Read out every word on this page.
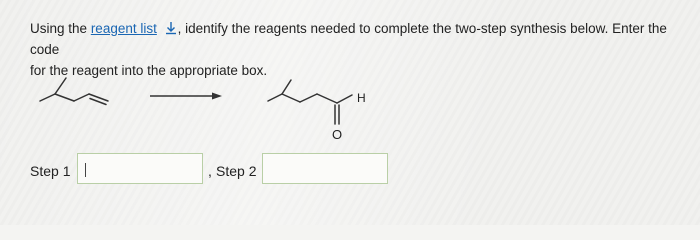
Using the reagent list , identify the reagents needed to complete the two-step synthesis below. Enter the code
for the reagent into the appropriate box.
H
O
Step 1	, Step 2
